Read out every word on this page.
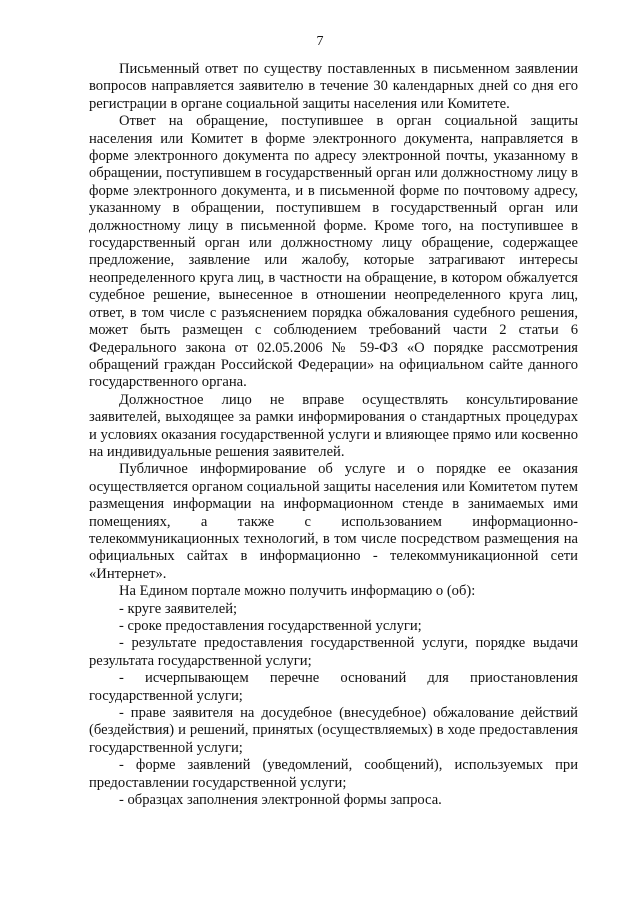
7

Письменный ответ по существу поставленных в письменном заявлении вопросов направляется заявителю в течение 30 календарных дней со дня его регистрации в органе социальной защиты населения или Комитете.

Ответ на обращение, поступившее в орган социальной защиты населения или Комитет в форме электронного документа, направляется в форме электронного документа по адресу электронной почты, указанному в обращении, поступившем в государственный орган или должностному лицу в форме электронного документа, и в письменной форме по почтовому адресу, указанному в обращении, поступившем в государственный орган или должностному лицу в письменной форме. Кроме того, на поступившее в государственный орган или должностному лицу обращение, содержащее предложение, заявление или жалобу, которые затрагивают интересы неопределенного круга лиц, в частности на обращение, в котором обжалуется судебное решение, вынесенное в отношении неопределенного круга лиц, ответ, в том числе с разъяснением порядка обжалования судебного решения, может быть размещен с соблюдением требований части 2 статьи 6 Федерального закона от 02.05.2006 № 59-ФЗ «О порядке рассмотрения обращений граждан Российской Федерации» на официальном сайте данного государственного органа.

Должностное лицо не вправе осуществлять консультирование заявителей, выходящее за рамки информирования о стандартных процедурах и условиях оказания государственной услуги и влияющее прямо или косвенно на индивидуальные решения заявителей.

Публичное информирование об услуге и о порядке ее оказания осуществляется органом социальной защиты населения или Комитетом путем размещения информации на информационном стенде в занимаемых ими помещениях, а также с использованием информационно-телекоммуникационных технологий, в том числе посредством размещения на официальных сайтах в информационно - телекоммуникационной сети «Интернет».

На Едином портале можно получить информацию о (об):

- круге заявителей;

- сроке предоставления государственной услуги;

- результате предоставления государственной услуги, порядке выдачи результата государственной услуги;

- исчерпывающем перечне оснований для приостановления государственной услуги;

- праве заявителя на досудебное (внесудебное) обжалование действий (бездействия) и решений, принятых (осуществляемых) в ходе предоставления государственной услуги;

- форме заявлений (уведомлений, сообщений), используемых при предоставлении государственной услуги;

- образцах заполнения электронной формы запроса.
